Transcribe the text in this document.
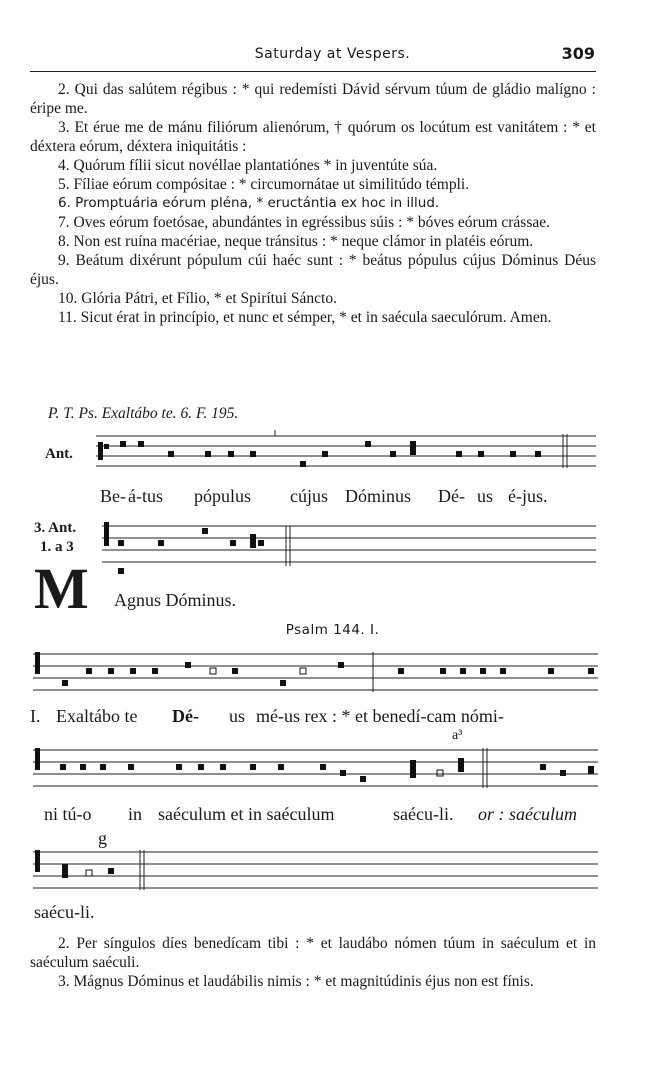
Saturday at Vespers.	309

2. Qui das salútem régibus : * qui redemísti Dávid sérvum túum de gládio malígno : éripe me.

3. Et érue me de mánu filiórum alienórum, † quórum os locútum est vanitátem : * et déxtera eórum, déxtera iniquitátis :

4. Quórum fílii sicut novéllae plantatiónes * in juventúte súa.

5. Fíliae eórum compósitae : * circumornátae ut similitúdo témpli.

6. Promptuária eórum pléna, * eructántia ex hoc in illud.

7. Oves eórum foetósae, abundántes in egréssibus súis : * bóves eórum crássae.

8. Non est ruína macériae, neque tránsitus : * neque clámor in platéis eórum.

9. Beátum dixérunt pópulum cúi haéc sunt : * beátus pópulus cújus Dóminus Déus éjus.

10. Glória Pátri, et Fílio, * et Spirítui Sáncto.

11. Sicut érat in princípio, et nunc et sémper, * et in saécula saeculórum. Amen.

P. T. Ps. Exaltábo te. 6. F. 195.
Ant.
Be- á-tus pópulus cújus Dóminus Dé- us é-jus.
3. Ant.
1. a 3
M Agnus Dóminus.
Psalm 144. I.
I. Exaltábo te Dé- us mé-us rex : * et benedí-cam nómi-
a³
ni tú-o in saéculum et in saéculum	saécu-li. or : saéculum
g
saécu-li.

2. Per síngulos díes benedícam tibi : * et laudábo nómen túum in saéculum et in saéculum saéculi.

3. Mágnus Dóminus et laudábilis nimis : * et magnitúdinis éjus non est fínis.
